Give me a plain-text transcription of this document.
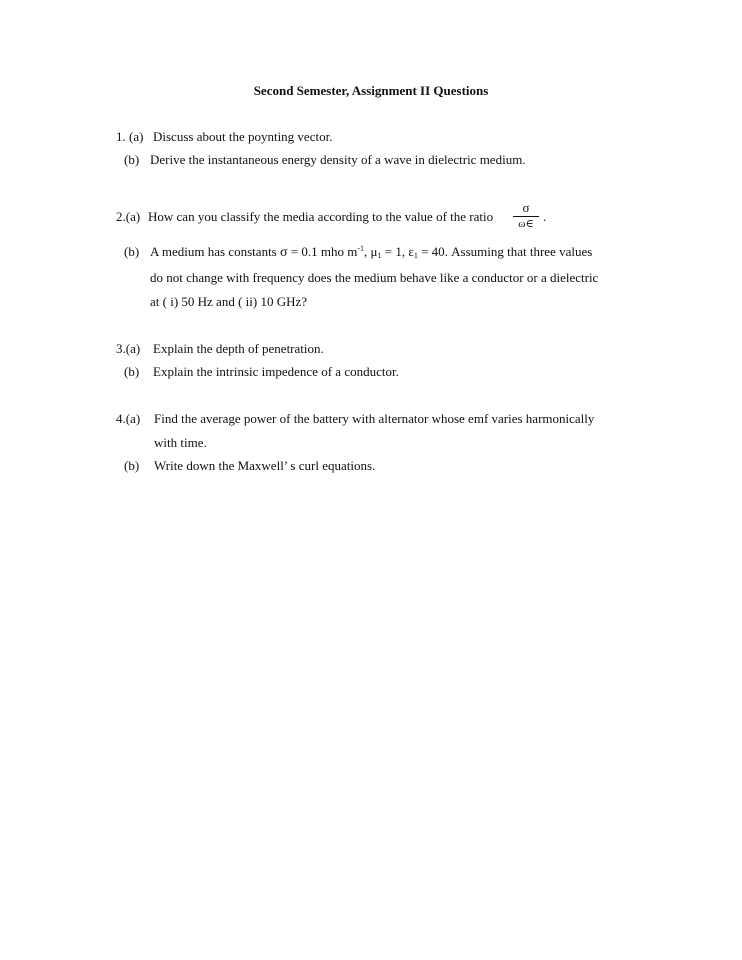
Second Semester, Assignment II Questions
1. (a) Discuss about the poynting vector.
(b) Derive the instantaneous energy density of a wave in dielectric medium.
2.(a) How can you classify the media according to the value of the ratio
σ
ω∈ .
(b) A medium has constants σ = 0.1 mho $m^{-1}$, $\mu_1 = 1$, $\varepsilon_1 = 40$. Assuming that three values
do not change with frequency does the medium behave like a conductor or a dielectric
at ( i) 50 Hz and ( ii) 10 GHz?
3.(a) Explain the depth of penetration.
(b) Explain the intrinsic impedence of a conductor.
4.(a) Find the average power of the battery with alternator whose emf varies harmonically
with time.
(b) Write down the Maxwell’ s curl equations.
